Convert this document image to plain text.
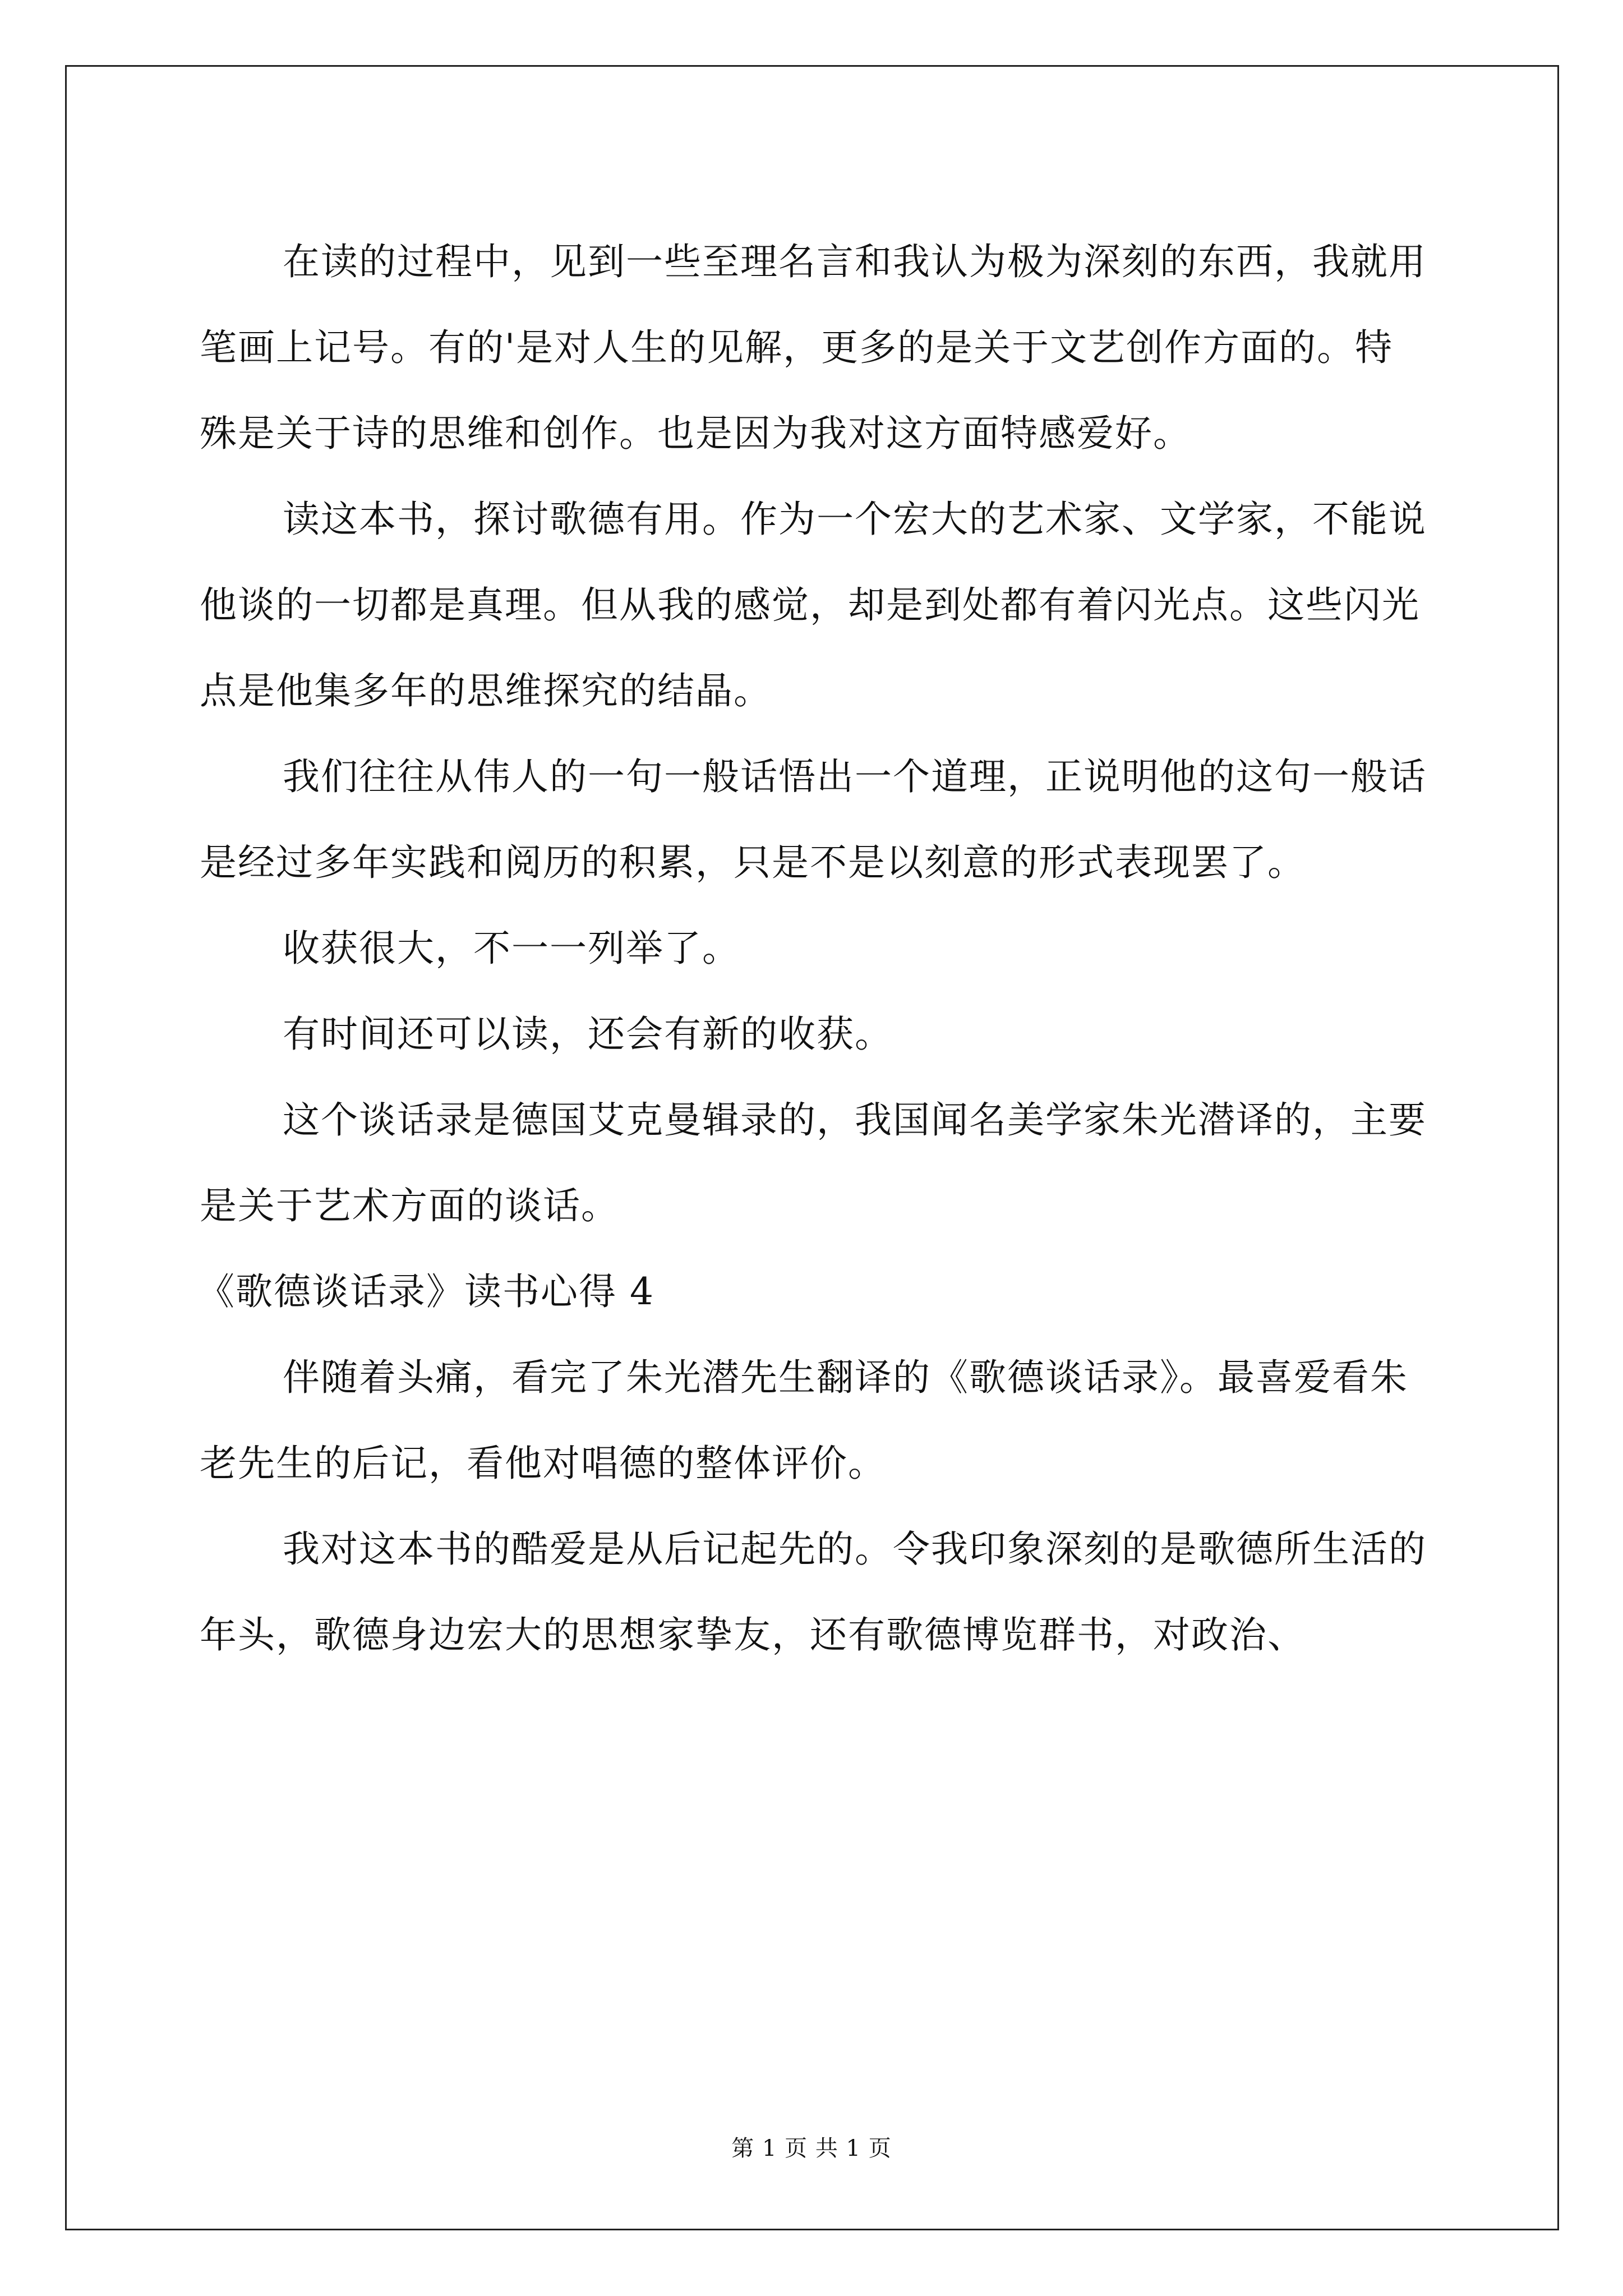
在读的过程中，见到一些至理名言和我认为极为深刻的东西，我就用笔画上记号。有的'是对人生的见解，更多的是关于文艺创作方面的。特殊是关于诗的思维和创作。也是因为我对这方面特感爱好。

读这本书，探讨歌德有用。作为一个宏大的艺术家、文学家，不能说他谈的一切都是真理。但从我的感觉，却是到处都有着闪光点。这些闪光点是他集多年的思维探究的结晶。

我们往往从伟人的一句一般话悟出一个道理，正说明他的这句一般话是经过多年实践和阅历的积累，只是不是以刻意的形式表现罢了。

收获很大，不一一列举了。

有时间还可以读，还会有新的收获。

这个谈话录是德国艾克曼辑录的，我国闻名美学家朱光潜译的，主要是关于艺术方面的谈话。

《歌德谈话录》读书心得 4

伴随着头痛，看完了朱光潜先生翻译的《歌德谈话录》。最喜爱看朱老先生的后记，看他对唱德的整体评价。

我对这本书的酷爱是从后记起先的。令我印象深刻的是歌德所生活的年头，歌德身边宏大的思想家挚友，还有歌德博览群书，对政治、

第 1 页 共 1 页
